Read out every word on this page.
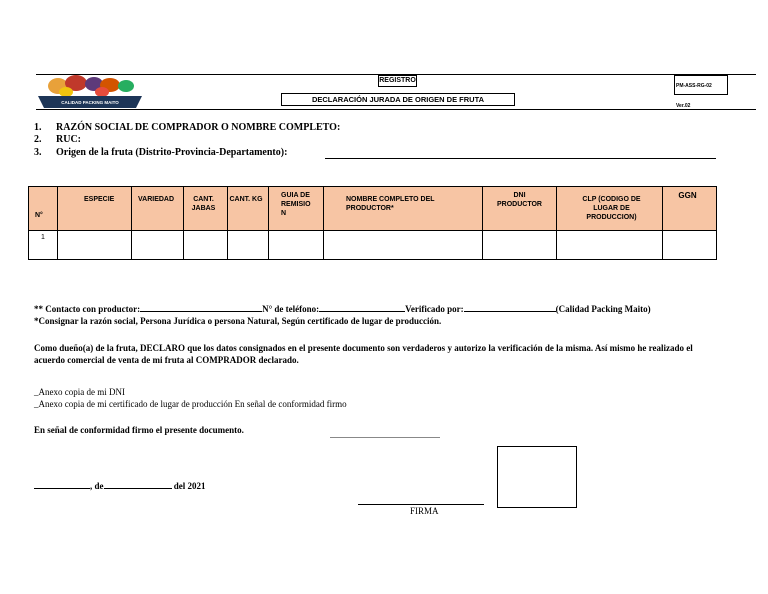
CALIDAD PACKING MAITO
REGISTRO
DECLARACIÓN JURADA DE ORIGEN DE FRUTA
PM-ASS-RG-02 Ver.02
1. RAZÓN SOCIAL DE COMPRADOR O NOMBRE COMPLETO:
2. RUC:
3. Origen de la fruta (Distrito-Provincia-Departamento):
N°	ESPECIE	VARIEDAD	CANT. JABAS	CANT. KG	GUIA DE REMISION	NOMBRE COMPLETO DEL PRODUCTOR*	DNI PRODUCTOR	CLP (CODIGO DE LUGAR DE PRODUCCION)	GGN
1									
** Contacto con productor:	N° de teléfono:	Verificado por:	(Calidad Packing Maito)
*Consignar la razón social, Persona Jurídica o persona Natural, Según certificado de lugar de producción.
Como dueño(a) de la fruta, DECLARO que los datos consignados en el presente documento son verdaderos y autorizo la verificación de la misma. Así mismo he realizado el acuerdo comercial de venta de mi fruta al COMPRADOR declarado.
_Anexo copia de mi DNI
_Anexo copia de mi certificado de lugar de producción En señal de conformidad firmo
En señal de conformidad firmo el presente documento.
, de	del 2021
FIRMA
